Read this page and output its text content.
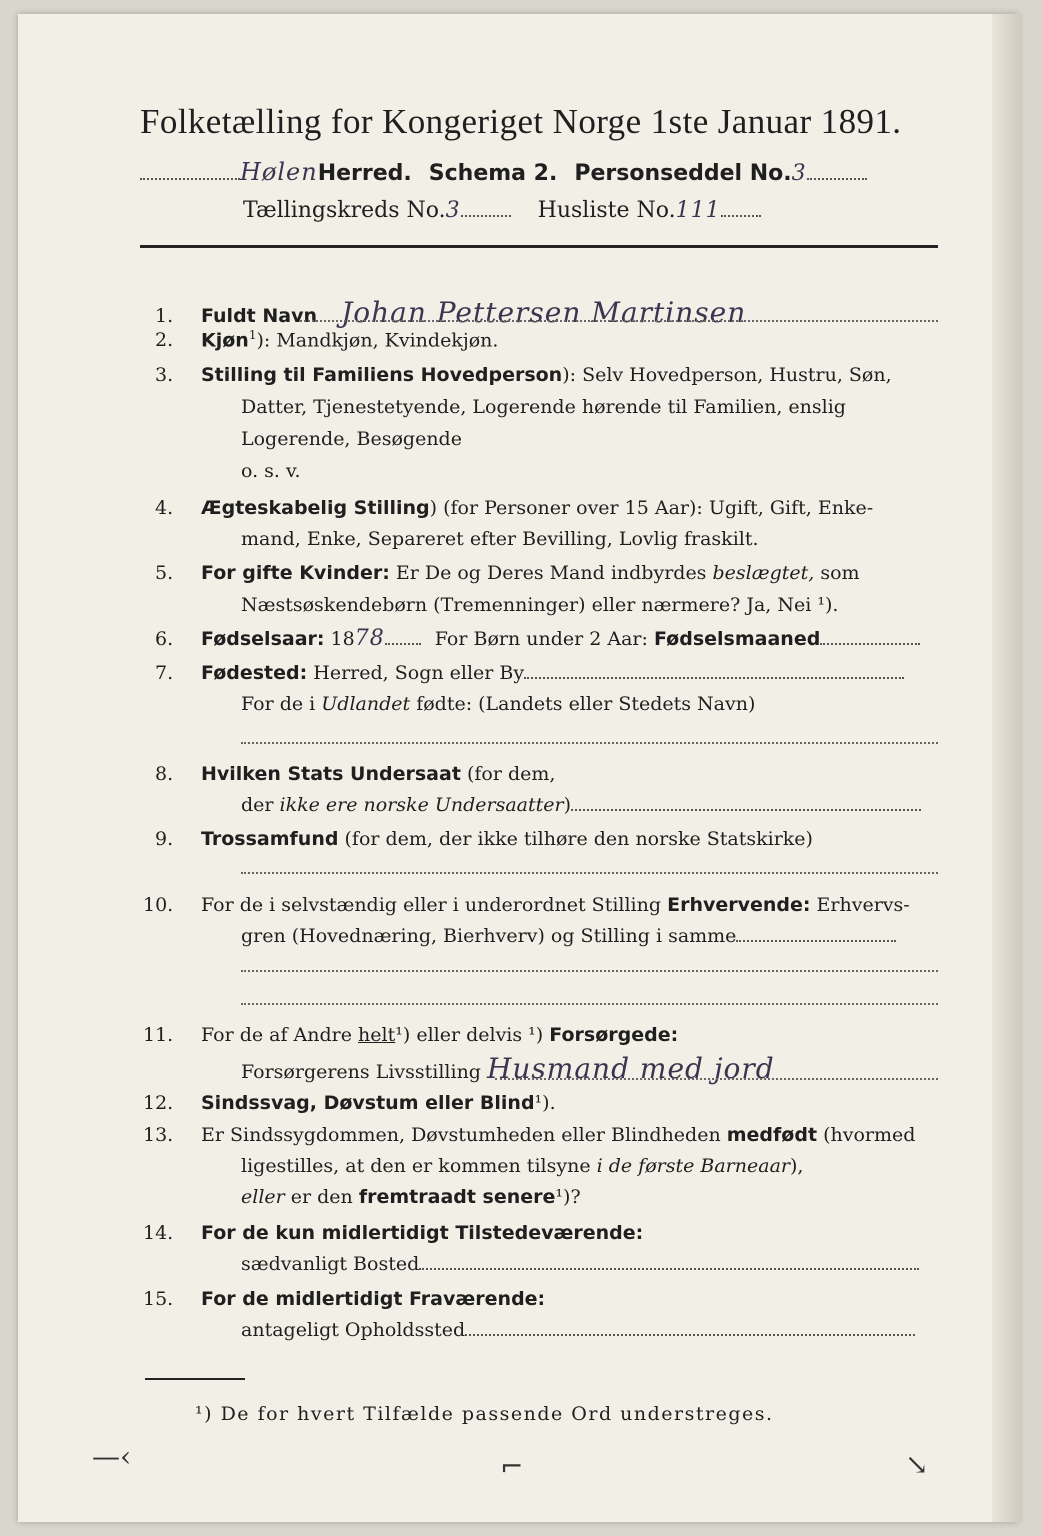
Folketælling for Kongeriget Norge 1ste Januar 1891.
HølenHerred. Schema 2. Personseddel No.3
Tællingskreds No.3	Husliste No.111
1. Fuldt Navn Johan Pettersen Martinsen
2. Kjøn$^1$): Mandkjøn, Kvindekjøn.
3. Stilling til Familiens Hovedperson): Selv Hovedperson, Hustru, Søn,
Datter, Tjenestetyende, Logerende hørende til Familien, enslig
Logerende, Besøgende
o. s. v.
4. Ægteskabelig Stilling) (for Personer over 15 Aar): Ugift, Gift, Enke-
mand, Enke, Separeret efter Bevilling, Lovlig fraskilt.
5. For gifte Kvinder: Er De og Deres Mand indbyrdes beslægtet, som
Næstsøskendebørn (Tremenninger) eller nærmere? Ja, Nei ¹).
6. Fødselsaar: 1878	For Børn under 2 Aar: Fødselsmaaned
7. Fødested: Herred, Sogn eller By
For de i Udlandet fødte: (Landets eller Stedets Navn)
8. Hvilken Stats Undersaat (for dem,
der ikke ere norske Undersaatter)
9. Trossamfund (for dem, der ikke tilhøre den norske Statskirke)
10. For de i selvstændig eller i underordnet Stilling Erhvervende: Erhvervs-
gren (Hovednæring, Bierhverv) og Stilling i samme
11. For de af Andre helt¹) eller delvis ¹) Forsørgede:
Forsørgerens Livsstilling Husmand med jord
12. Sindssvag, Døvstum eller Blind¹).
13. Er Sindssygdommen, Døvstumheden eller Blindheden medfødt (hvormed
ligestilles, at den er kommen tilsyne i de første Barneaar),
eller er den fremtraadt senere¹)?
14. For de kun midlertidigt Tilstedeværende:
sædvanligt Bosted
15. For de midlertidigt Fraværende:
antageligt Opholdssted
¹) De for hvert Tilfælde passende Ord understreges.
—‹	⌐	↘
